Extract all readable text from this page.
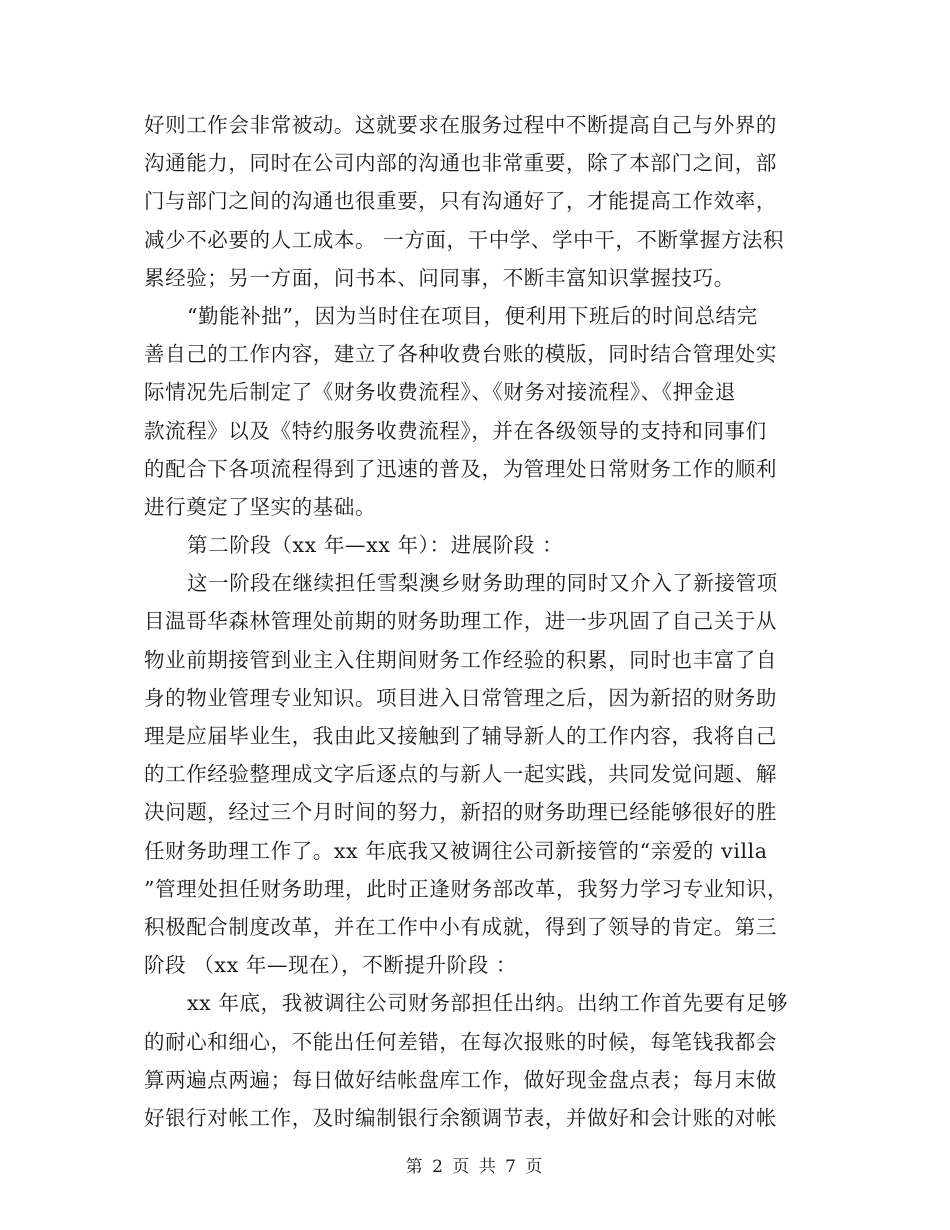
好则工作会非常被动。这就要求在服务过程中不断提高自己与外界的
沟通能力，同时在公司内部的沟通也非常重要，除了本部门之间，部
门与部门之间的沟通也很重要，只有沟通好了，才能提高工作效率，
减少不必要的人工成本。 一方面，干中学、学中干，不断掌握方法积
累经验；另一方面，问书本、问同事，不断丰富知识掌握技巧。
“勤能补拙”，因为当时住在项目，便利用下班后的时间总结完
善自己的工作内容，建立了各种收费台账的模版，同时结合管理处实
际情况先后制定了《财务收费流程》、《财务对接流程》、《押金退
款流程》以及《特约服务收费流程》，并在各级领导的支持和同事们
的配合下各项流程得到了迅速的普及，为管理处日常财务工作的顺利
进行奠定了坚实的基础。
第二阶段（xx 年—xx 年）：进展阶段 ：
这一阶段在继续担任雪梨澳乡财务助理的同时又介入了新接管项
目温哥华森林管理处前期的财务助理工作，进一步巩固了自己关于从
物业前期接管到业主入住期间财务工作经验的积累，同时也丰富了自
身的物业管理专业知识。项目进入日常管理之后，因为新招的财务助
理是应届毕业生，我由此又接触到了辅导新人的工作内容，我将自己
的工作经验整理成文字后逐点的与新人一起实践，共同发觉问题、解
决问题，经过三个月时间的努力，新招的财务助理已经能够很好的胜
任财务助理工作了。xx 年底我又被调往公司新接管的“亲爱的 villa
”管理处担任财务助理，此时正逢财务部改革，我努力学习专业知识，
积极配合制度改革，并在工作中小有成就，得到了领导的肯定。第三
阶段 （xx 年—现在），不断提升阶段 ：
xx 年底，我被调往公司财务部担任出纳。出纳工作首先要有足够
的耐心和细心，不能出任何差错，在每次报账的时候，每笔钱我都会
算两遍点两遍；每日做好结帐盘库工作，做好现金盘点表；每月末做
好银行对帐工作，及时编制银行余额调节表，并做好和会计账的对帐
第 2 页 共 7 页
